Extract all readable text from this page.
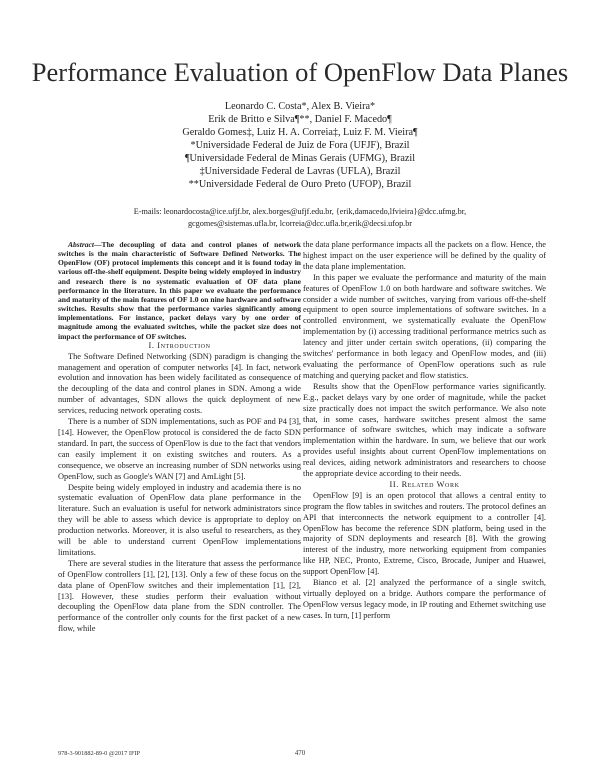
Performance Evaluation of OpenFlow Data Planes
Leonardo C. Costa*, Alex B. Vieira*
Erik de Britto e Silva¶**, Daniel F. Macedo¶
Geraldo Gomes‡, Luiz H. A. Correia‡, Luiz F. M. Vieira¶
*Universidade Federal de Juiz de Fora (UFJF), Brazil
¶Universidade Federal de Minas Gerais (UFMG), Brazil
‡Universidade Federal de Lavras (UFLA), Brazil
**Universidade Federal de Ouro Preto (UFOP), Brazil
E-mails: leonardocosta@ice.ufjf.br, alex.borges@ufjf.edu.br, {erik,damacedo,lfvieira}@dcc.ufmg.br,
gcgomes@sistemas.ufla.br, lcorreia@dcc.ufla.br,erik@decsi.ufop.br

Abstract—The decoupling of data and control planes of network switches is the main characteristic of Software Defined Networks. The OpenFlow (OF) protocol implements this concept and it is found today in various off-the-shelf equipment. Despite being widely employed in industry and research there is no systematic evaluation of OF data plane performance in the literature. In this paper we evaluate the performance and maturity of the main features of OF 1.0 on nine hardware and software switches. Results show that the performance varies significantly among implementations. For instance, packet delays vary by one order of magnitude among the evaluated switches, while the packet size does not impact the performance of OF switches.

I. Introduction

The Software Defined Networking (SDN) paradigm is changing the management and operation of computer networks [4]. In fact, network evolution and innovation has been widely facilitated as consequence of the decoupling of the data and control planes in SDN. Among a wide number of advantages, SDN allows the quick deployment of new services, reducing network operating costs.

There is a number of SDN implementations, such as POF and P4 [3], [14]. However, the OpenFlow protocol is considered the de facto SDN standard. In part, the success of OpenFlow is due to the fact that vendors can easily implement it on existing switches and routers. As a consequence, we observe an increasing number of SDN networks using OpenFlow, such as Google's WAN [7] and AmLight [5].

Despite being widely employed in industry and academia there is no systematic evaluation of OpenFlow data plane performance in the literature. Such an evaluation is useful for network administrators since they will be able to assess which device is appropriate to deploy on production networks. Moreover, it is also useful to researchers, as they will be able to understand current OpenFlow implementations limitations.

There are several studies in the literature that assess the performance of OpenFlow controllers [1], [2], [13]. Only a few of these focus on the data plane of OpenFlow switches and their implementation [1], [2], [13]. However, these studies perform their evaluation without decoupling the OpenFlow data plane from the SDN controller. The performance of the controller only counts for the first packet of a new flow, while

the data plane performance impacts all the packets on a flow. Hence, the highest impact on the user experience will be defined by the quality of the data plane implementation.

In this paper we evaluate the performance and maturity of the main features of OpenFlow 1.0 on both hardware and software switches. We consider a wide number of switches, varying from various off-the-shelf equipment to open source implementations of software switches. In a controlled environment, we systematically evaluate the OpenFlow implementation by (i) accessing traditional performance metrics such as latency and jitter under certain switch operations, (ii) comparing the switches' performance in both legacy and OpenFlow modes, and (iii) evaluating the performance of OpenFlow operations such as rule matching and querying packet and flow statistics.

Results show that the OpenFlow performance varies significantly. E.g., packet delays vary by one order of magnitude, while the packet size practically does not impact the switch performance. We also note that, in some cases, hardware switches present almost the same performance of software switches, which may indicate a software implementation within the hardware. In sum, we believe that our work provides useful insights about current OpenFlow implementations on real devices, aiding network administrators and researchers to choose the appropriate device according to their needs.

II. Related Work

OpenFlow [9] is an open protocol that allows a central entity to program the flow tables in switches and routers. The protocol defines an API that interconnects the network equipment to a controller [4]. OpenFlow has become the reference SDN platform, being used in the majority of SDN deployments and research [8]. With the growing interest of the industry, more networking equipment from companies like HP, NEC, Pronto, Extreme, Cisco, Brocade, Juniper and Huawei, support OpenFlow [4].

Bianco et al. [2] analyzed the performance of a single switch, virtually deployed on a bridge. Authors compare the performance of OpenFlow versus legacy mode, in IP routing and Ethernet switching use cases. In turn, [1] perform

978-3-901882-89-0 @2017 IFIP	470
